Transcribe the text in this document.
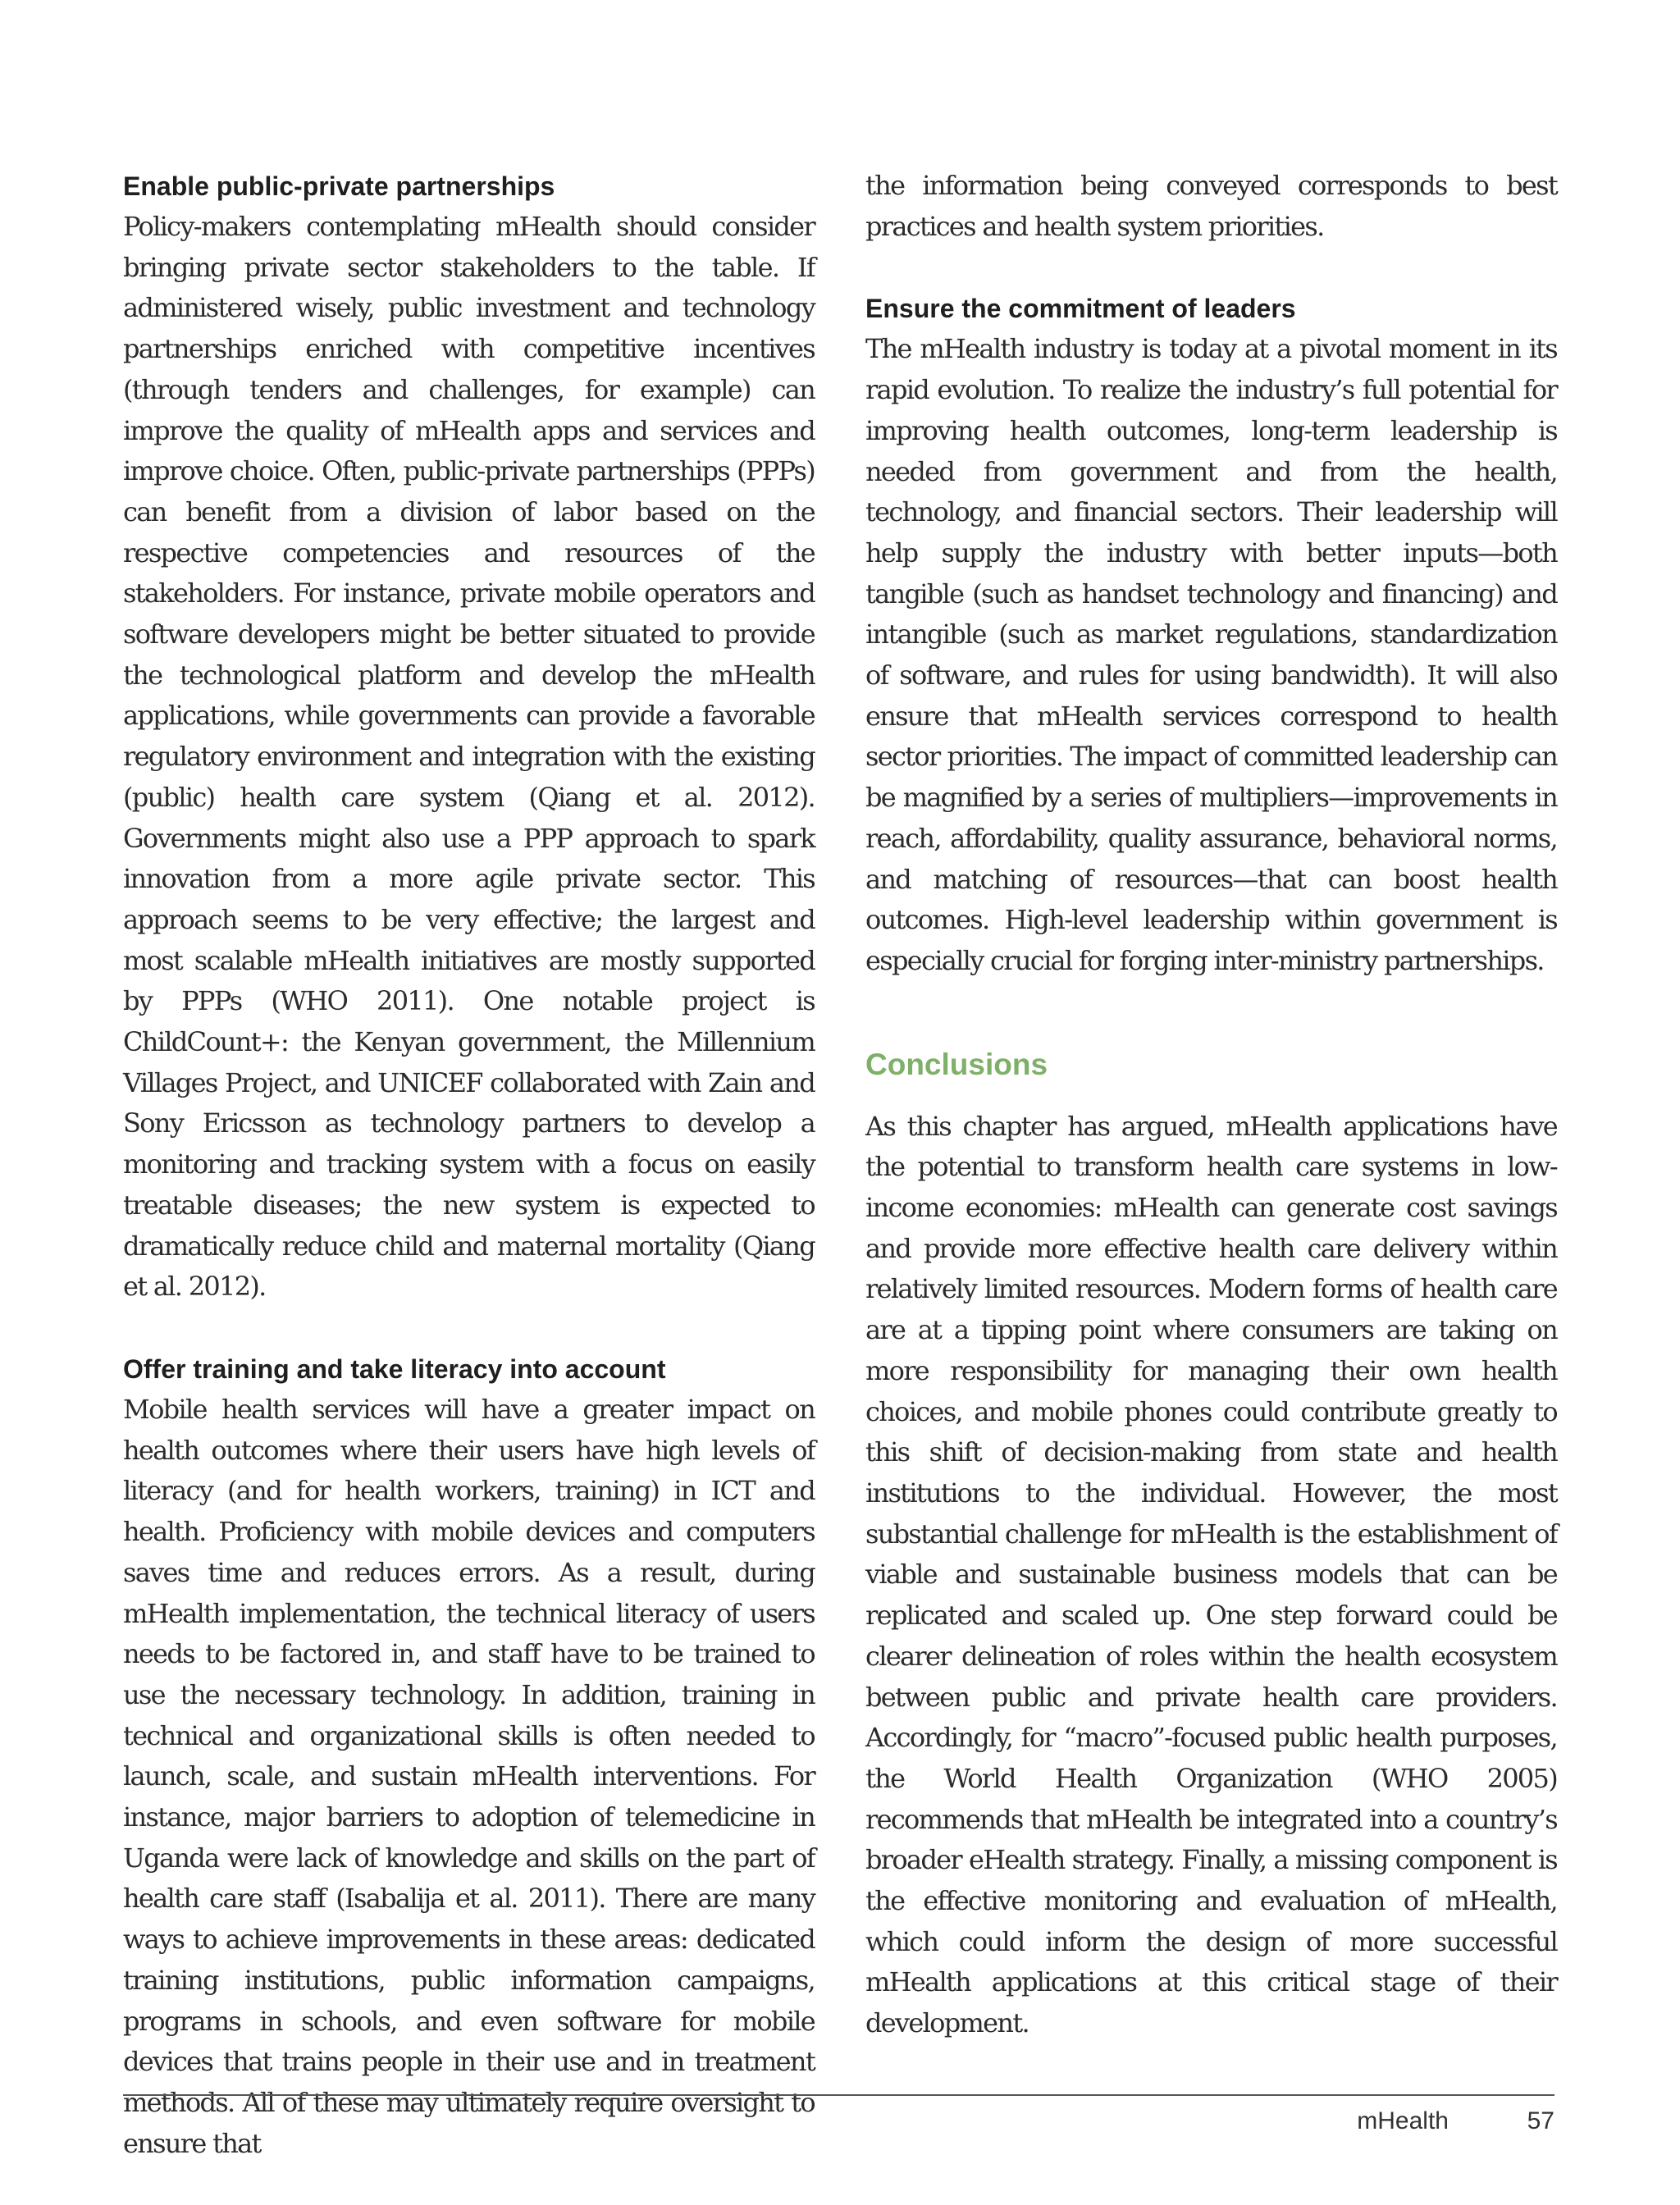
Enable public-private partnerships

Policy-makers contemplating mHealth should consider bringing private sector stakeholders to the table. If administered wisely, public investment and technology partnerships enriched with competitive incentives (through tenders and challenges, for example) can improve the quality of mHealth apps and services and improve choice. Often, public-private partnerships (PPPs) can benefit from a division of labor based on the respective competencies and resources of the stakeholders. For instance, private mobile operators and software developers might be better situated to provide the technological platform and develop the mHealth applications, while governments can provide a favorable regulatory environment and integration with the existing (public) health care system (Qiang et al. 2012). Governments might also use a PPP approach to spark innovation from a more agile private sector. This approach seems to be very effective; the largest and most scalable mHealth initiatives are mostly supported by PPPs (WHO 2011). One notable project is ChildCount+: the Kenyan government, the Millennium Villages Project, and UNICEF collaborated with Zain and Sony Ericsson as technology partners to develop a monitoring and tracking system with a focus on easily treatable diseases; the new system is expected to dramatically reduce child and maternal mortality (Qiang et al. 2012).

Offer training and take literacy into account

Mobile health services will have a greater impact on health outcomes where their users have high levels of literacy (and for health workers, training) in ICT and health. Proficiency with mobile devices and computers saves time and reduces errors. As a result, during mHealth implementation, the technical literacy of users needs to be factored in, and staff have to be trained to use the necessary technology. In addition, training in technical and organizational skills is often needed to launch, scale, and sustain mHealth interventions. For instance, major barriers to adoption of telemedicine in Uganda were lack of knowledge and skills on the part of health care staff (Isabalija et al. 2011). There are many ways to achieve improvements in these areas: dedicated training institutions, public information campaigns, programs in schools, and even software for mobile devices that trains people in their use and in treatment methods. All of these may ultimately require oversight to ensure that

the information being conveyed corresponds to best practices and health system priorities.

Ensure the commitment of leaders

The mHealth industry is today at a pivotal moment in its rapid evolution. To realize the industry’s full potential for improving health outcomes, long-term leadership is needed from government and from the health, technology, and financial sectors. Their leadership will help supply the industry with better inputs—both tangible (such as handset technology and financing) and intangible (such as market regulations, standardization of software, and rules for using bandwidth). It will also ensure that mHealth services correspond to health sector priorities. The impact of committed leadership can be magnified by a series of multipliers—improvements in reach, affordability, quality assurance, behavioral norms, and matching of resources—that can boost health outcomes. High-level leadership within government is especially crucial for forging inter-ministry partnerships.

Conclusions

As this chapter has argued, mHealth applications have the potential to transform health care systems in low-income economies: mHealth can generate cost savings and provide more effective health care delivery within relatively limited resources. Modern forms of health care are at a tipping point where consumers are taking on more responsibility for managing their own health choices, and mobile phones could contribute greatly to this shift of decision-making from state and health institutions to the individual. However, the most substantial challenge for mHealth is the establishment of viable and sustainable business models that can be replicated and scaled up. One step forward could be clearer delineation of roles within the health ecosystem between public and private health care providers. Accordingly, for “macro”-focused public health purposes, the World Health Organization (WHO 2005) recommends that mHealth be integrated into a country’s broader eHealth strategy. Finally, a missing component is the effective monitoring and evaluation of mHealth, which could inform the design of more successful mHealth applications at this critical stage of their development.

mHealth	57
